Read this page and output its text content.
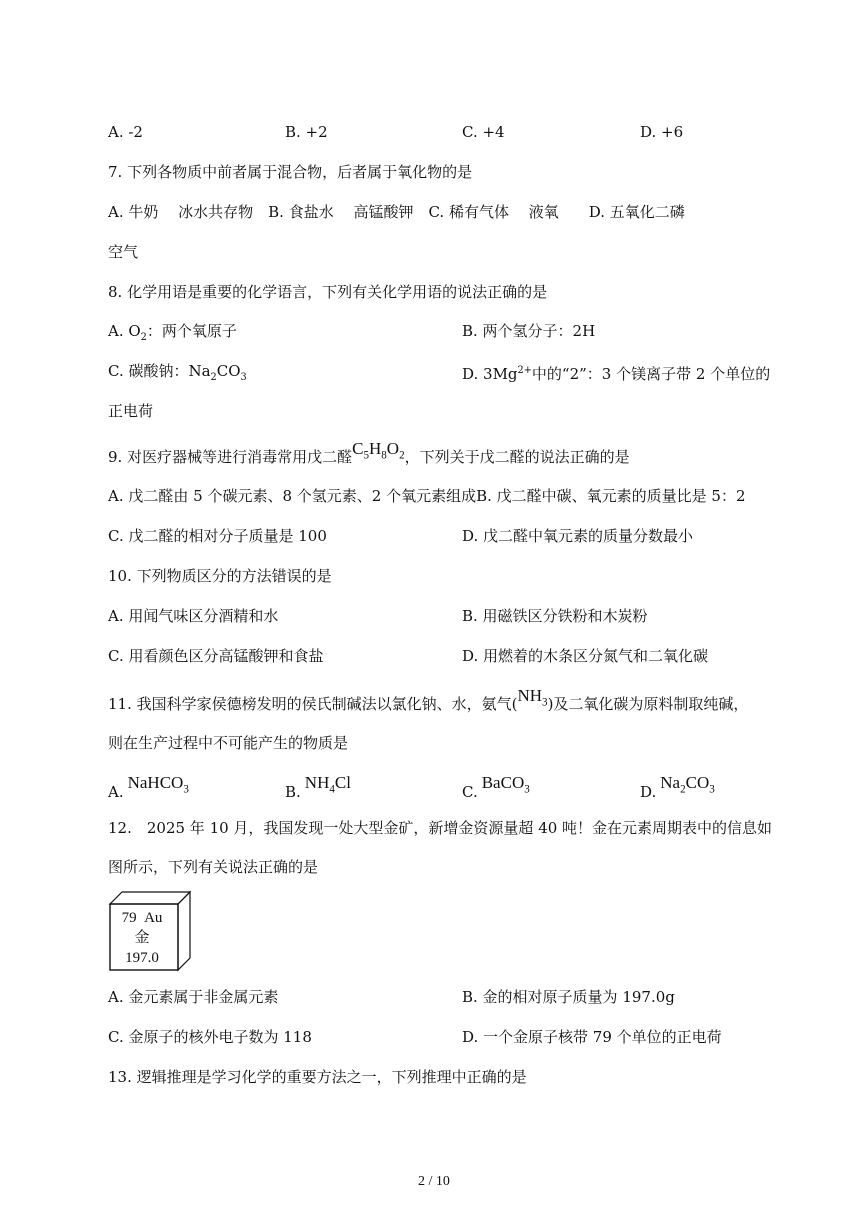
A. -2	B. +2	C. +4	D. +6
7. 下列各物质中前者属于混合物，后者属于氧化物的是
A. 牛奶　 冰水共存物　B. 食盐水　 高锰酸钾　C. 稀有气体　 液氧　　D. 五氧化二磷
空气
8. 化学用语是重要的化学语言，下列有关化学用语的说法正确的是
A. $O_2$：两个氧原子	B. 两个氢分子：2H
C. 碳酸钠：$Na_2CO_3$	D. $3Mg^{2+}$中的“2”：3 个镁离子带 2 个单位的
正电荷
9. 对医疗器械等进行消毒常用戊二醛$C_5H_8O_2$，下列关于戊二醛的说法正确的是
A. 戊二醛由 5 个碳元素、8 个氢元素、2 个氧元素组成B. 戊二醛中碳、氧元素的质量比是 5：2
C. 戊二醛的相对分子质量是 100	D. 戊二醛中氧元素的质量分数最小
10. 下列物质区分的方法错误的是
A. 用闻气味区分酒精和水	B. 用磁铁区分铁粉和木炭粉
C. 用看颜色区分高锰酸钾和食盐	D. 用燃着的木条区分氮气和二氧化碳
11. 我国科学家侯德榜发明的侯氏制碱法以氯化钠、水，氨气$(NH_3)$及二氧化碳为原料制取纯碱，
则在生产过程中不可能产生的物质是
A. NaHCO$_3$	B. $NH_4Cl$	C. BaCO$_3$	D. $Na_2CO_3$
12.　2025 年 10 月，我国发现一处大型金矿，新增金资源量超 40 吨！金在元素周期表中的信息如
图所示，下列有关说法正确的是
79 Au
金
197.0
A. 金元素属于非金属元素	B. 金的相对原子质量为 197.0g
C. 金原子的核外电子数为 118	D. 一个金原子核带 79 个单位的正电荷
13. 逻辑推理是学习化学的重要方法之一，下列推理中正确的是
2 / 10
